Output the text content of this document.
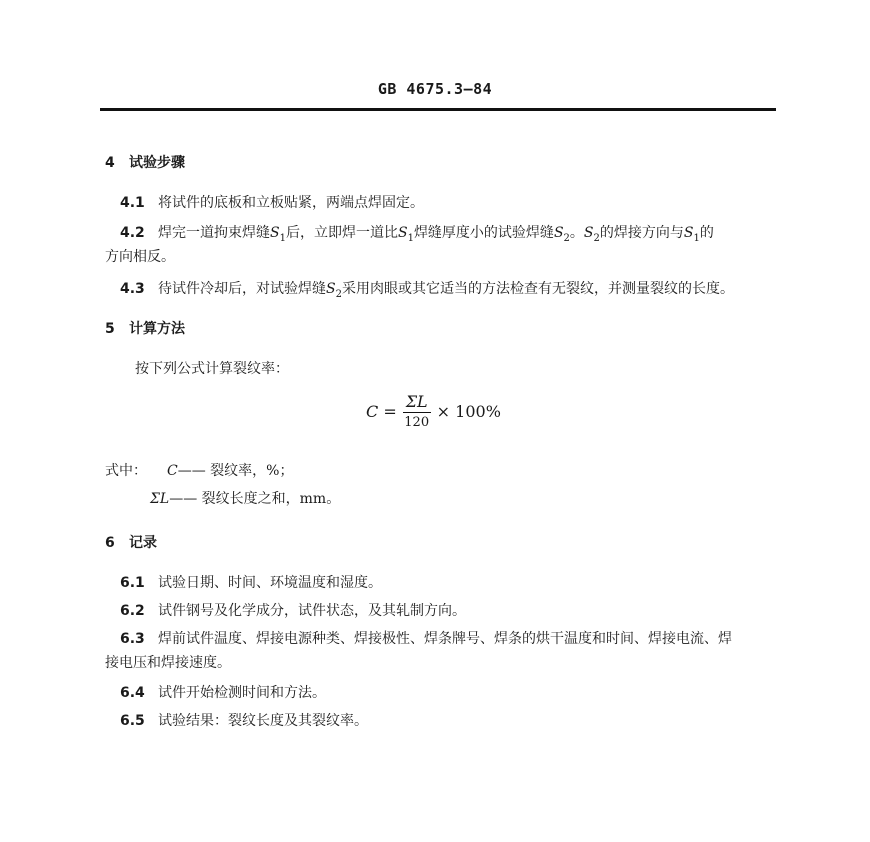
GB 4675.3—84
4 试验步骤
4.1 将试件的底板和立板贴紧，两端点焊固定。
4.2 焊完一道拘束焊缝$S_1$后，立即焊一道比$S_1$焊缝厚度小的试验焊缝$S_2$。$S_2$的焊接方向与$S_1$的
方向相反。
4.3 待试件冷却后，对试验焊缝$S_2$采用肉眼或其它适当的方法检查有无裂纹，并测量裂纹的长度。
5 计算方法
按下列公式计算裂纹率：
$C = \frac{\Sigma L}{120} \times 100\%$
式中： C—— 裂纹率，%；
ΣL—— 裂纹长度之和，mm。
6 记录
6.1 试验日期、时间、环境温度和湿度。
6.2 试件钢号及化学成分，试件状态，及其轧制方向。
6.3 焊前试件温度、焊接电源种类、焊接极性、焊条牌号、焊条的烘干温度和时间、焊接电流、焊
接电压和焊接速度。
6.4 试件开始检测时间和方法。
6.5 试验结果：裂纹长度及其裂纹率。
